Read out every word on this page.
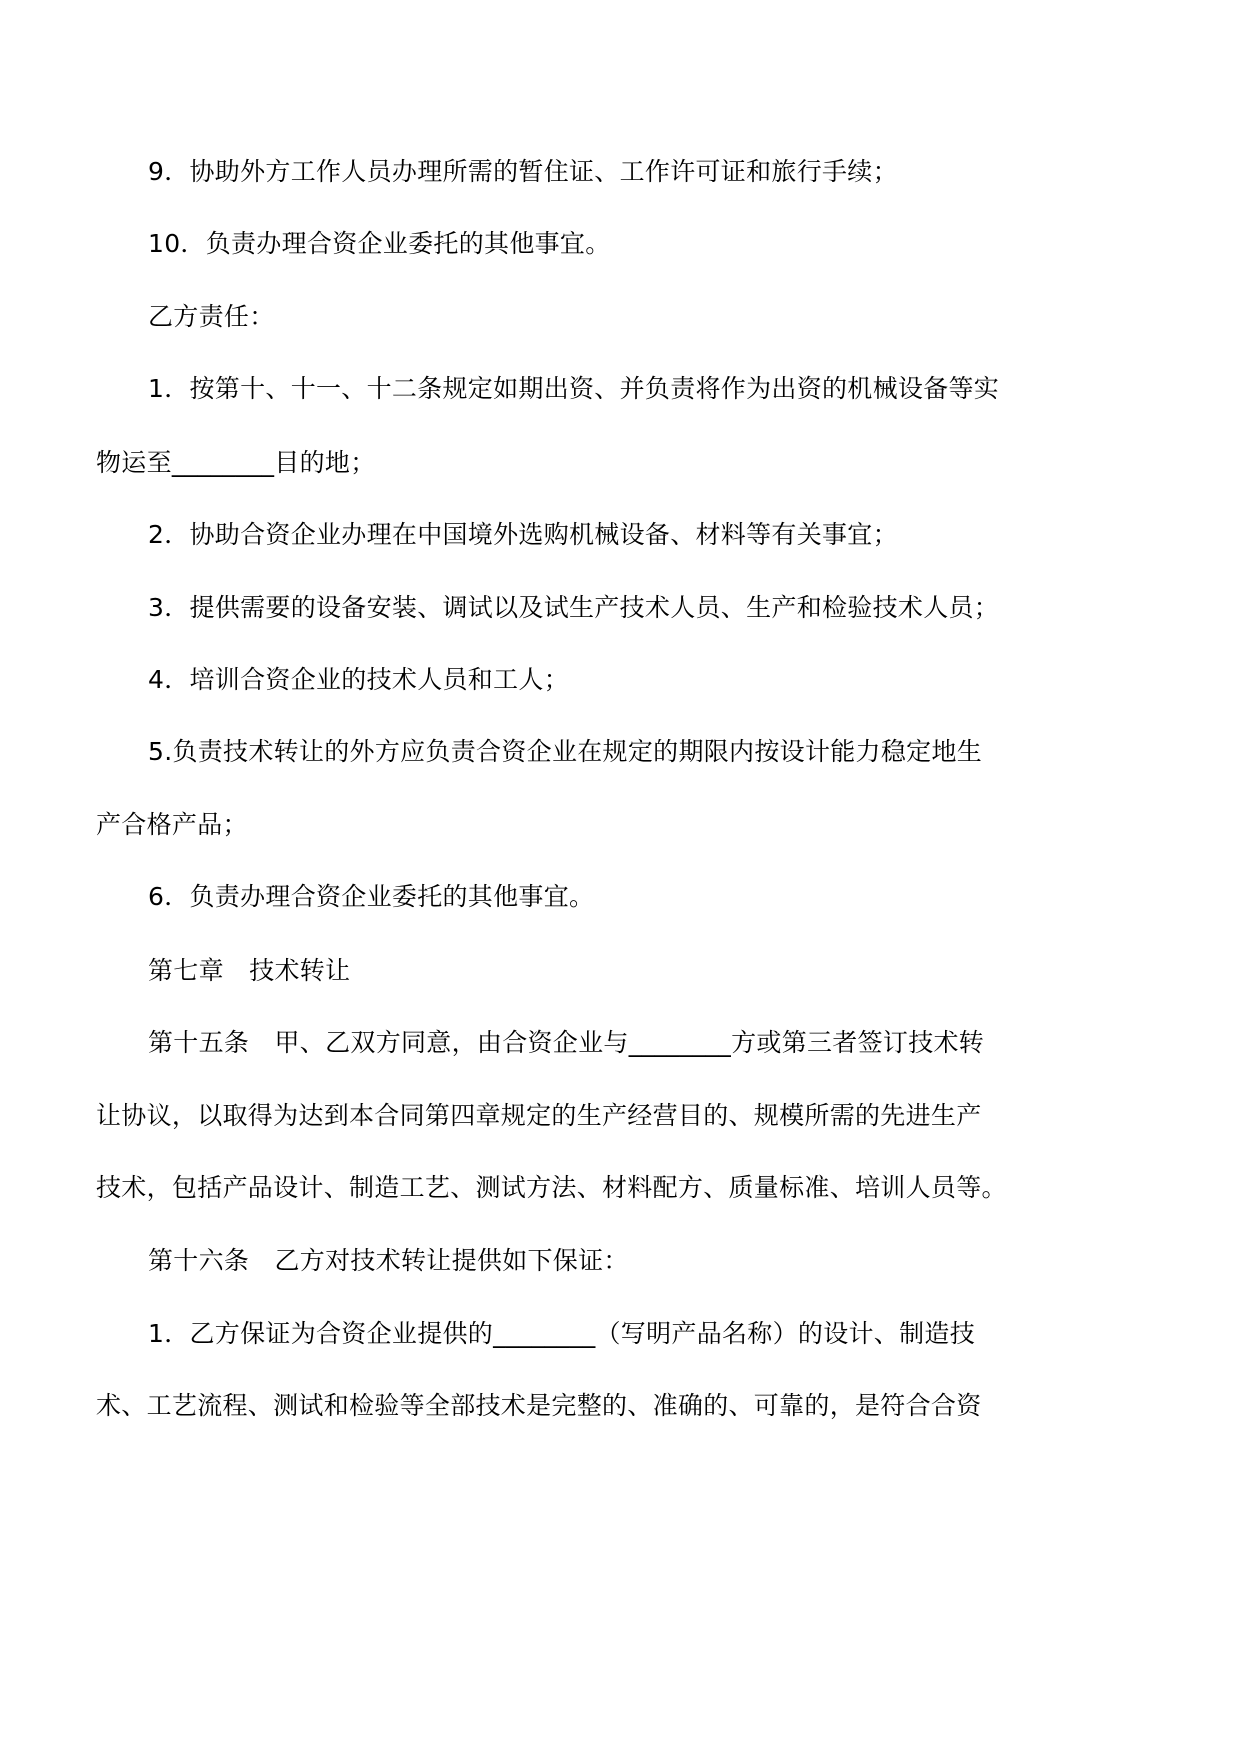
9．协助外方工作人员办理所需的暂住证、工作许可证和旅行手续；

10．负责办理合资企业委托的其他事宜。

乙方责任：

1．按第十、十一、十二条规定如期出资、并负责将作为出资的机械设备等实

物运至________目的地；

2．协助合资企业办理在中国境外选购机械设备、材料等有关事宜；

3．提供需要的设备安装、调试以及试生产技术人员、生产和检验技术人员；

4．培训合资企业的技术人员和工人；

5.负责技术转让的外方应负责合资企业在规定的期限内按设计能力稳定地生

产合格产品；

6．负责办理合资企业委托的其他事宜。

第七章　技术转让

第十五条　甲、乙双方同意，由合资企业与________方或第三者签订技术转

让协议，以取得为达到本合同第四章规定的生产经营目的、规模所需的先进生产

技术，包括产品设计、制造工艺、测试方法、材料配方、质量标准、培训人员等。

第十六条　乙方对技术转让提供如下保证：

1．乙方保证为合资企业提供的________（写明产品名称）的设计、制造技

术、工艺流程、测试和检验等全部技术是完整的、准确的、可靠的，是符合合资
